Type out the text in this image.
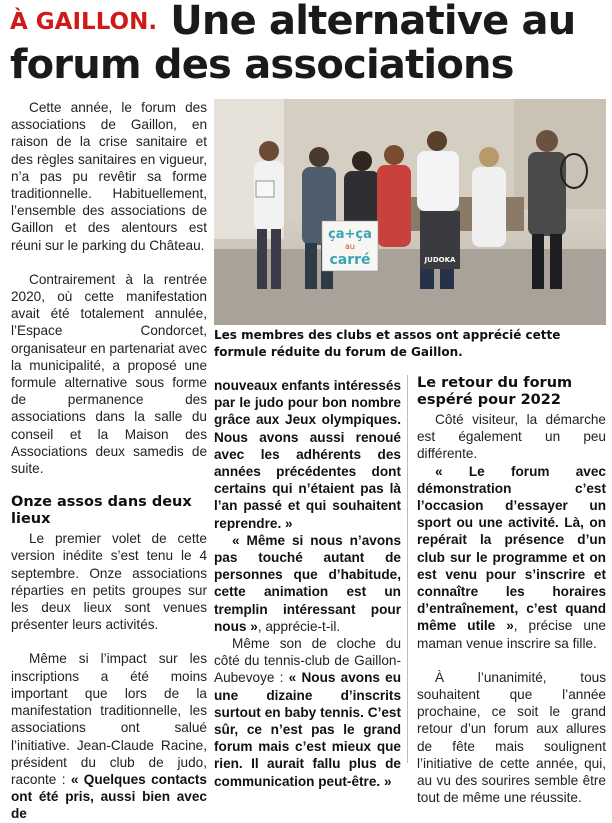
À GAILLON. Une alternative au forum des associations

Cette année, le forum des associations de Gaillon, en raison de la crise sanitaire et des règles sanitaires en vigueur, n’a pas pu revêtir sa forme traditionnelle. Habituellement, l’ensemble des associations de Gaillon et des alentours est réuni sur le parking du Château.

Contrairement à la rentrée 2020, où cette manifestation avait été totalement annulée, l’Espace Condorcet, organisateur en partenariat avec la municipalité, a proposé une formule alternative sous forme de permanence des associations dans la salle du conseil et la Maison des Associations deux samedis de suite.

Onze assos dans deux lieux

Le premier volet de cette version inédite s’est tenu le 4 septembre. Onze associations réparties en petits groupes sur les deux lieux sont venues présenter leurs activités.

Même si l’impact sur les inscriptions a été moins important que lors de la manifestation traditionnelle, les associations ont salué l’initiative. Jean-Claude Racine, président du club de judo, raconte : « Quelques contacts ont été pris, aussi bien avec de

ça+ça
au
carré	JUDOKA

Les membres des clubs et assos ont apprécié cette formule réduite du forum de Gaillon.

nouveaux enfants intéressés par le judo pour bon nombre grâce aux Jeux olympiques. Nous avons aussi renoué avec les adhérents des années précédentes dont certains qui n’étaient pas là l’an passé et qui souhaitent reprendre. »

« Même si nous n’avons pas touché autant de personnes que d’habitude, cette animation est un tremplin intéressant pour nous », apprécie-t-il.

Même son de cloche du côté du tennis-club de Gaillon-Aubevoye : « Nous avons eu une dizaine d’inscrits surtout en baby tennis. C’est sûr, ce n’est pas le grand forum mais c’est mieux que rien. Il aurait fallu plus de communication peut-être. »

Le retour du forum espéré pour 2022

Côté visiteur, la démarche est également un peu différente.

« Le forum avec démonstration c’est l’occasion d’essayer un sport ou une activité. Là, on repérait la présence d’un club sur le programme et on est venu pour s’inscrire et connaître les horaires d’entraînement, c’est quand même utile », précise une maman venue inscrire sa fille.

À l’unanimité, tous souhaitent que l’année prochaine, ce soit le grand retour d’un forum aux allures de fête mais soulignent l’initiative de cette année, qui, au vu des sourires semble être tout de même une réussite.
